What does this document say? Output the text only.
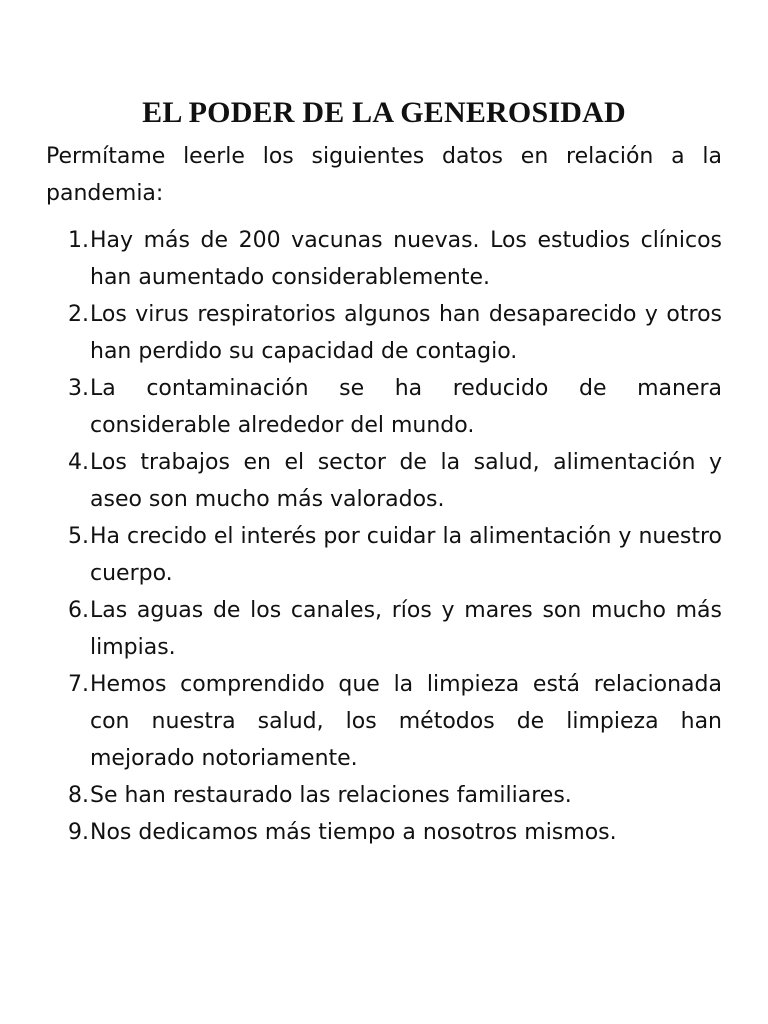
EL PODER DE LA GENEROSIDAD

Permítame leerle los siguientes datos en relación a la pandemia:

1. Hay más de 200 vacunas nuevas. Los estudios clínicos han aumentado considerablemente.
2. Los virus respiratorios algunos han desaparecido y otros han perdido su capacidad de contagio.
3. La contaminación se ha reducido de manera considerable alrededor del mundo.
4. Los trabajos en el sector de la salud, alimentación y aseo son mucho más valorados.
5. Ha crecido el interés por cuidar la alimentación y nuestro cuerpo.
6. Las aguas de los canales, ríos y mares son mucho más limpias.
7. Hemos comprendido que la limpieza está relacionada con nuestra salud, los métodos de limpieza han mejorado notoriamente.
8. Se han restaurado las relaciones familiares.
9. Nos dedicamos más tiempo a nosotros mismos.
